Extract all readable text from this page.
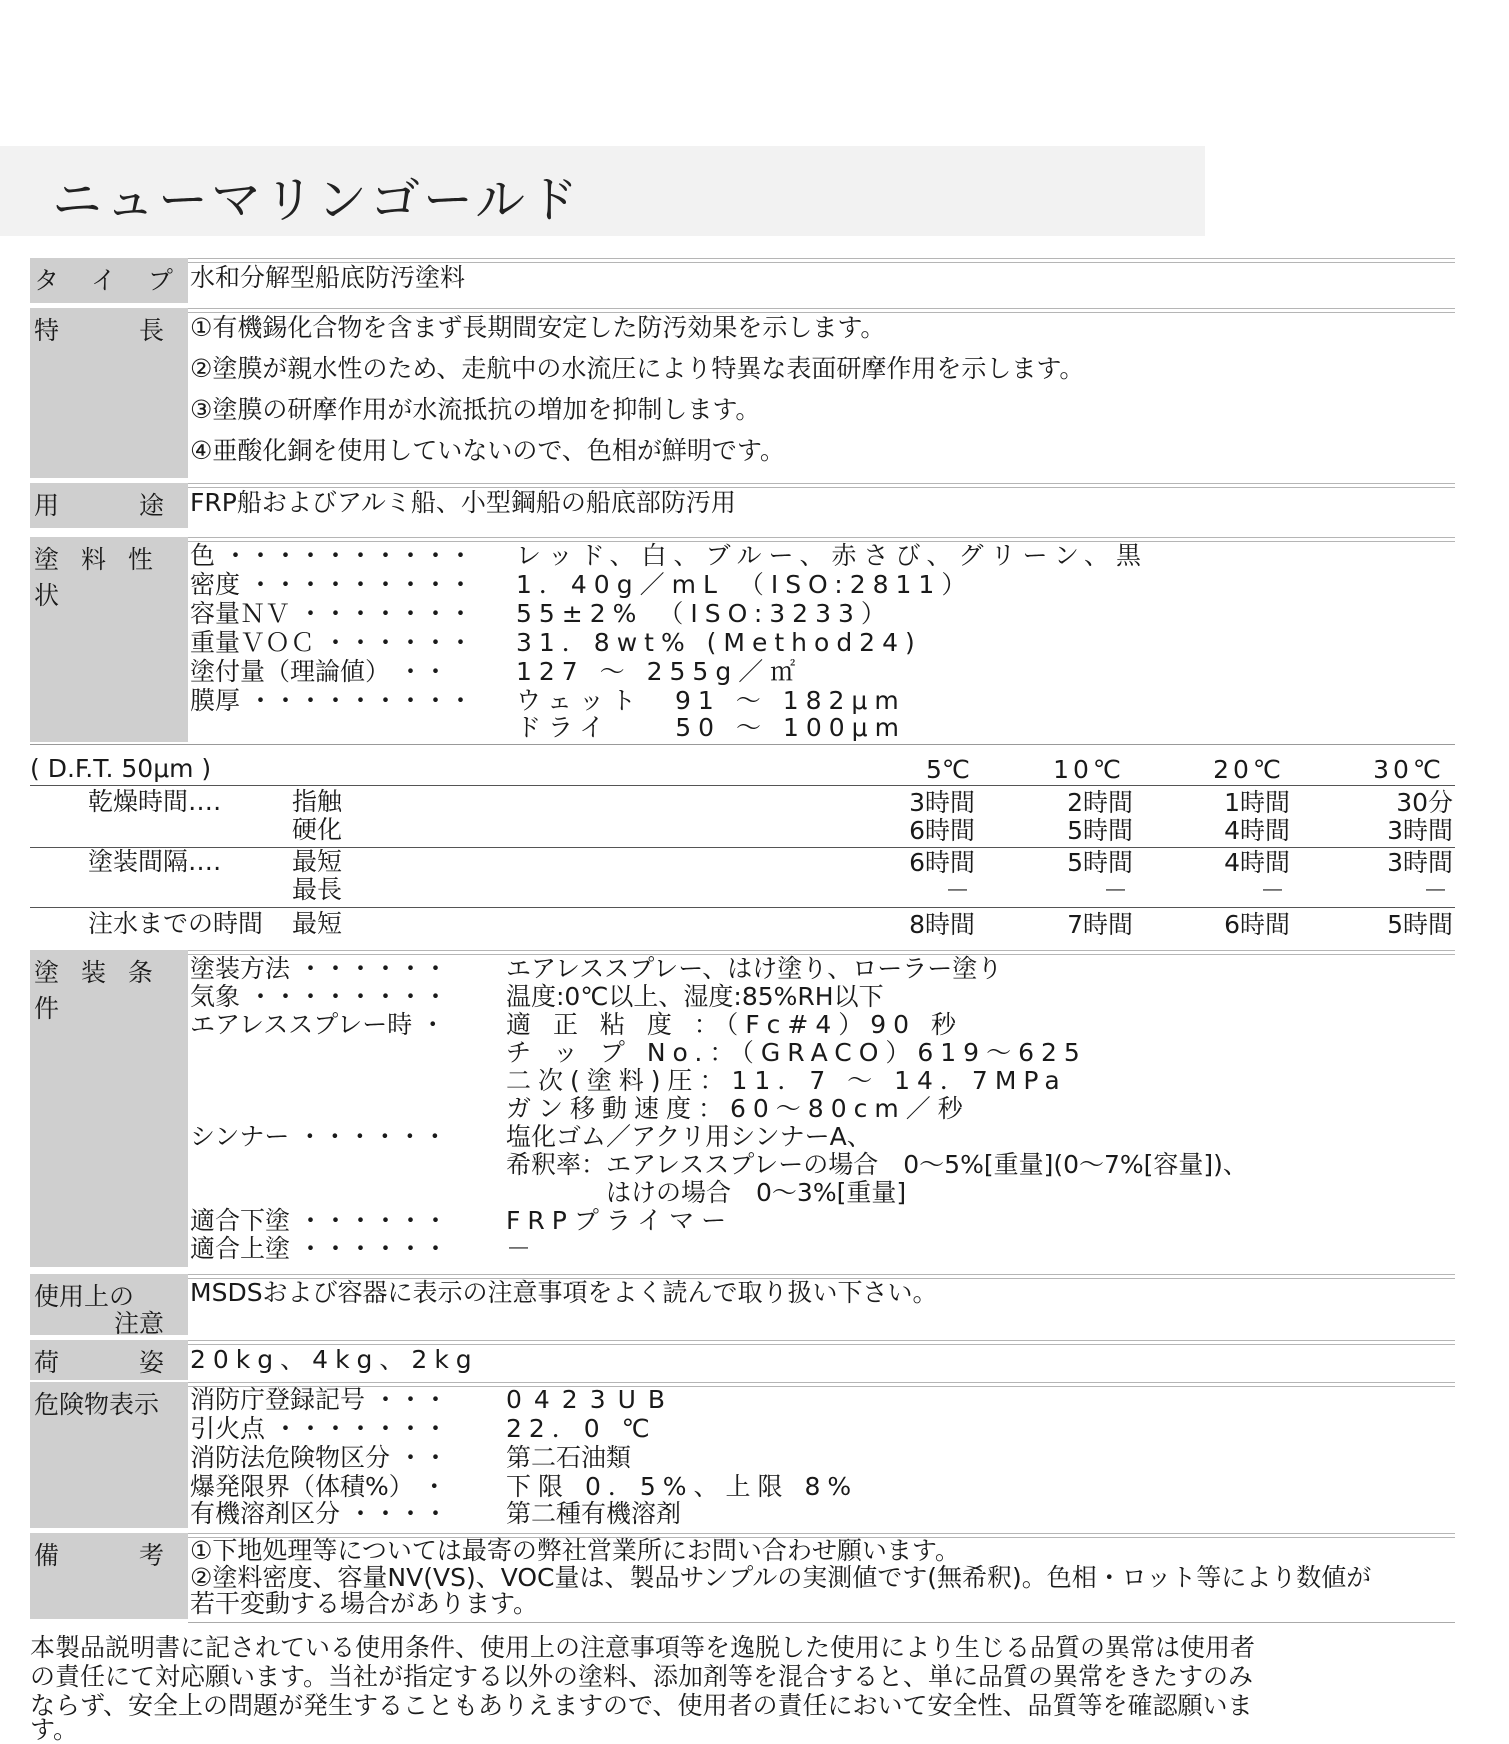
ニューマリンゴールド
タ イ プ 水和分解型船底防汚塗料
特 長 ①有機錫化合物を含まず長期間安定した防汚効果を示します。
②塗膜が親水性のため、走航中の水流圧により特異な表面研摩作用を示します。
③塗膜の研摩作用が水流抵抗の増加を抑制します。
④亜酸化銅を使用していないので、色相が鮮明です。
用 途 FRP船およびアルミ船、小型鋼船の船底部防汚用
塗 料 性 状
色 ・・・・・・・・・・ レッド、白、ブルー、赤さび、グリーン、黒
密度 ・・・・・・・・・ 1．40g／mL （ISO:2811）
容量ＮＶ ・・・・・・・ 55±2% （ISO:3233）
重量ＶＯＣ ・・・・・・ 31．8wt% (Method24)
塗付量（理論値） ・・	127 ～ 255g／㎡
膜厚 ・・・・・・・・・ ウェット　91 ～ 182μm
ドライ　　50 ～ 100μm
( D.F.T. 50μm )	5℃	10℃	20℃	30℃
乾燥時間‥‥	指触	3時間	2時間	1時間	30分
硬化	6時間	5時間	4時間	3時間
塗装間隔‥‥	最短	6時間	5時間	4時間	3時間
最長	－	－	－	－
注水までの時間 最短	8時間	7時間	6時間	5時間
塗 装 条 件
塗装方法 ・・・・・・ エアレススプレー、はけ塗り、ローラー塗り
気象 ・・・・・・・・ 温度:0℃以上、湿度:85%RH以下
エアレススプレー時 ・ 適 正 粘 度 ：（Fc#4）90 秒
チ ッ プ No.：（GRACO）619～625
二次(塗料)圧：11．7 ～ 14．7MPa
ガン移動速度：60～80cm／秒
シンナー ・・・・・・ 塩化ゴム／アクリ用シンナーA、
希釈率：エアレススプレーの場合　0～5%[重量](0～7%[容量])、
　　　　はけの場合　0～3%[重量]
適合下塗 ・・・・・・ FRPプライマー
適合上塗 ・・・・・・ －
使用上の
注意
MSDSおよび容器に表示の注意事項をよく読んで取り扱い下さい。
荷 姿 20kg、4kg、2kg
危険物表示 消防庁登録記号 ・・・ 0423UB
引火点 ・・・・・・・ 22．0 ℃
消防法危険物区分 ・・ 第二石油類
爆発限界（体積%） ・ 下限 0．5%、上限 8%
有機溶剤区分 ・・・・ 第二種有機溶剤
備 考 ①下地処理等については最寄の弊社営業所にお問い合わせ願います。
②塗料密度、容量NV(VS)、VOC量は、製品サンプルの実測値です(無希釈)。色相・ロット等により数値が
若干変動する場合があります。
本製品説明書に記されている使用条件、使用上の注意事項等を逸脱した使用により生じる品質の異常は使用者
の責任にて対応願います。当社が指定する以外の塗料、添加剤等を混合すると、単に品質の異常をきたすのみ
ならず、安全上の問題が発生することもありえますので、使用者の責任において安全性、品質等を確認願いま
す。
